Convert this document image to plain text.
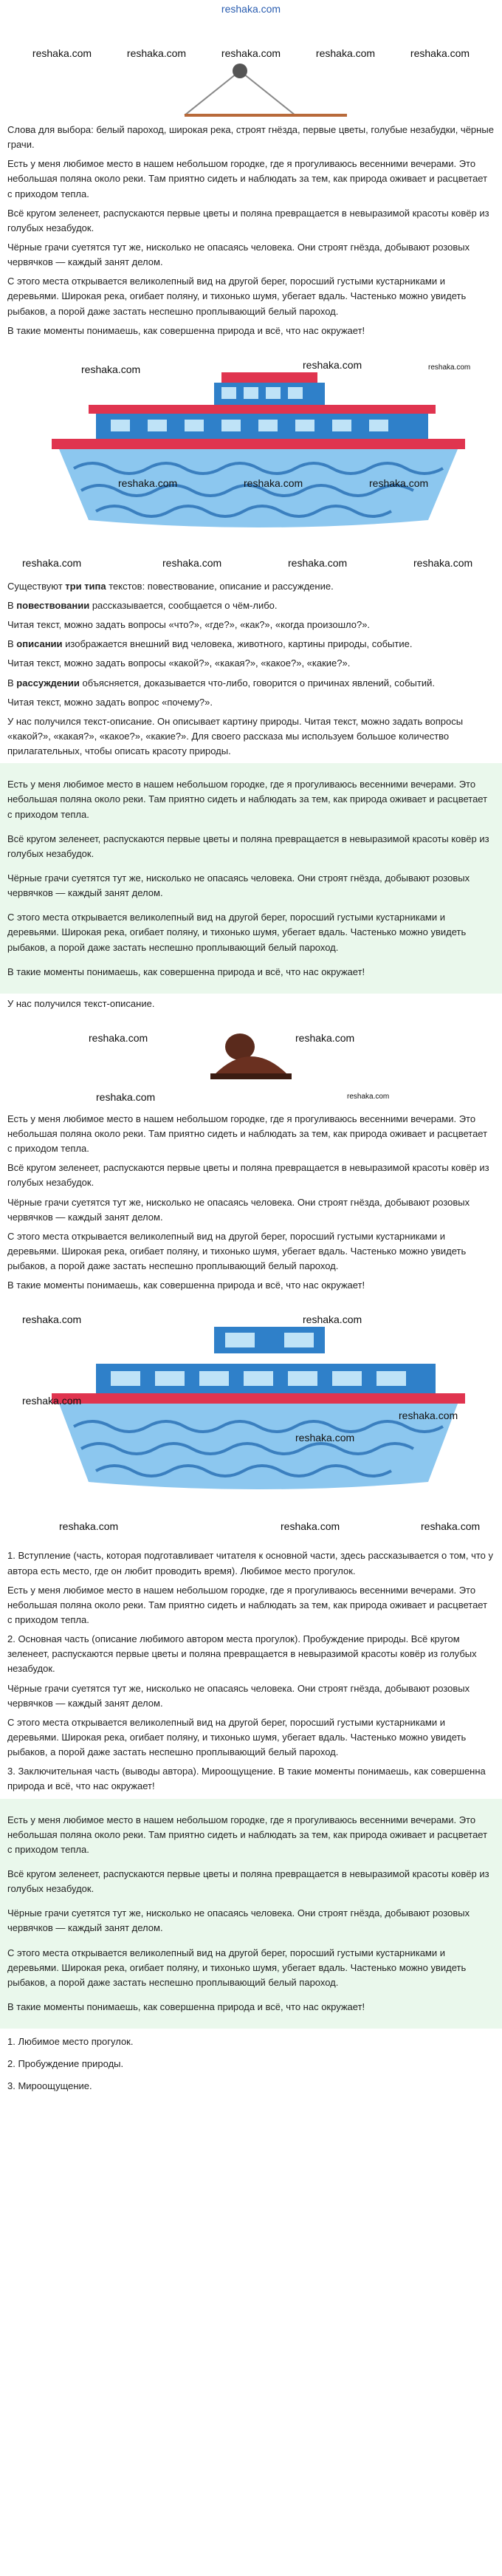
reshaka.com
reshaka.com	reshaka.com	reshaka.com	reshaka.com	reshaka.com

Слова для выбора: белый пароход, широкая река, строят гнёзда, первые цветы, голубые незабудки, чёрные грачи.

Есть у меня любимое место в нашем небольшом городке, где я прогуливаюсь весенними вечерами. Это небольшая поляна около реки. Там приятно сидеть и наблюдать за тем, как природа оживает и расцветает с приходом тепла.

Всё кругом зеленеет, распускаются первые цветы и поляна превращается в невыразимой красоты ковёр из голубых незабудок.

Чёрные грачи суетятся тут же, нисколько не опасаясь человека. Они строят гнёзда, добывают розовых червячков — каждый занят делом.

С этого места открывается великолепный вид на другой берег, поросший густыми кустарниками и деревьями. Широкая река, огибает поляну, и тихонько шумя, убегает вдаль. Частенько можно увидеть рыбаков, а порой даже застать неспешно проплывающий белый пароход.

В такие моменты понимаешь, как совершенна природа и всё, что нас окружает!

reshaka.com	reshaka.com	reshaka.com
reshaka.com	reshaka.com	reshaka.com
reshaka.com	reshaka.com	reshaka.com	reshaka.com

Существуют три типа текстов: повествование, описание и рассуждение.

В повествовании рассказывается, сообщается о чём-либо.

Читая текст, можно задать вопросы «что?», «где?», «как?», «когда произошло?».

В описании изображается внешний вид человека, животного, картины природы, событие.

Читая текст, можно задать вопросы «какой?», «какая?», «какое?», «какие?».

В рассуждении объясняется, доказывается что-либо, говорится о причинах явлений, событий.

Читая текст, можно задать вопрос «почему?».

У нас получился текст-описание. Он описывает картину природы. Читая текст, можно задать вопросы «какой?», «какая?», «какое?», «какие?». Для своего рассказа мы используем большое количество прилагательных, чтобы описать красоту природы.

Есть у меня любимое место в нашем небольшом городке, где я прогуливаюсь весенними вечерами. Это небольшая поляна около реки. Там приятно сидеть и наблюдать за тем, как природа оживает и расцветает с приходом тепла.

Всё кругом зеленеет, распускаются первые цветы и поляна превращается в невыразимой красоты ковёр из голубых незабудок.

Чёрные грачи суетятся тут же, нисколько не опасаясь человека. Они строят гнёзда, добывают розовых червячков — каждый занят делом.

С этого места открывается великолепный вид на другой берег, поросший густыми кустарниками и деревьями. Широкая река, огибает поляну, и тихонько шумя, убегает вдаль. Частенько можно увидеть рыбаков, а порой даже застать неспешно проплывающий белый пароход.

В такие моменты понимаешь, как совершенна природа и всё, что нас окружает!

У нас получился текст-описание.

reshaka.com	reshaka.com
reshaka.com	reshaka.com

Есть у меня любимое место в нашем небольшом городке, где я прогуливаюсь весенними вечерами. Это небольшая поляна около реки. Там приятно сидеть и наблюдать за тем, как природа оживает и расцветает с приходом тепла.

Всё кругом зеленеет, распускаются первые цветы и поляна превращается в невыразимой красоты ковёр из голубых незабудок.

Чёрные грачи суетятся тут же, нисколько не опасаясь человека. Они строят гнёзда, добывают розовых червячков — каждый занят делом.

С этого места открывается великолепный вид на другой берег, поросший густыми кустарниками и деревьями. Широкая река, огибает поляну, и тихонько шумя, убегает вдаль. Частенько можно увидеть рыбаков, а порой даже застать неспешно проплывающий белый пароход.

В такие моменты понимаешь, как совершенна природа и всё, что нас окружает!

reshaka.com	reshaka.com
reshaka.com
reshaka.com
reshaka.com
reshaka.com	reshaka.com	reshaka.com

1. Вступление (часть, которая подготавливает читателя к основной части, здесь рассказывается о том, что у автора есть место, где он любит проводить время). Любимое место прогулок.

Есть у меня любимое место в нашем небольшом городке, где я прогуливаюсь весенними вечерами. Это небольшая поляна около реки. Там приятно сидеть и наблюдать за тем, как природа оживает и расцветает с приходом тепла.

2. Основная часть (описание любимого автором места прогулок). Пробуждение природы. Всё кругом зеленеет, распускаются первые цветы и поляна превращается в невыразимой красоты ковёр из голубых незабудок.

Чёрные грачи суетятся тут же, нисколько не опасаясь человека. Они строят гнёзда, добывают розовых червячков — каждый занят делом.

С этого места открывается великолепный вид на другой берег, поросший густыми кустарниками и деревьями. Широкая река, огибает поляну, и тихонько шумя, убегает вдаль. Частенько можно увидеть рыбаков, а порой даже застать неспешно проплывающий белый пароход.

3. Заключительная часть (выводы автора). Мироощущение. В такие моменты понимаешь, как совершенна природа и всё, что нас окружает!

Есть у меня любимое место в нашем небольшом городке, где я прогуливаюсь весенними вечерами. Это небольшая поляна около реки. Там приятно сидеть и наблюдать за тем, как природа оживает и расцветает с приходом тепла.

Всё кругом зеленеет, распускаются первые цветы и поляна превращается в невыразимой красоты ковёр из голубых незабудок.

Чёрные грачи суетятся тут же, нисколько не опасаясь человека. Они строят гнёзда, добывают розовых червячков — каждый занят делом.

С этого места открывается великолепный вид на другой берег, поросший густыми кустарниками и деревьями. Широкая река, огибает поляну, и тихонько шумя, убегает вдаль. Частенько можно увидеть рыбаков, а порой даже застать неспешно проплывающий белый пароход.

В такие моменты понимаешь, как совершенна природа и всё, что нас окружает!

1. Любимое место прогулок.

2. Пробуждение природы.

3. Мироощущение.
